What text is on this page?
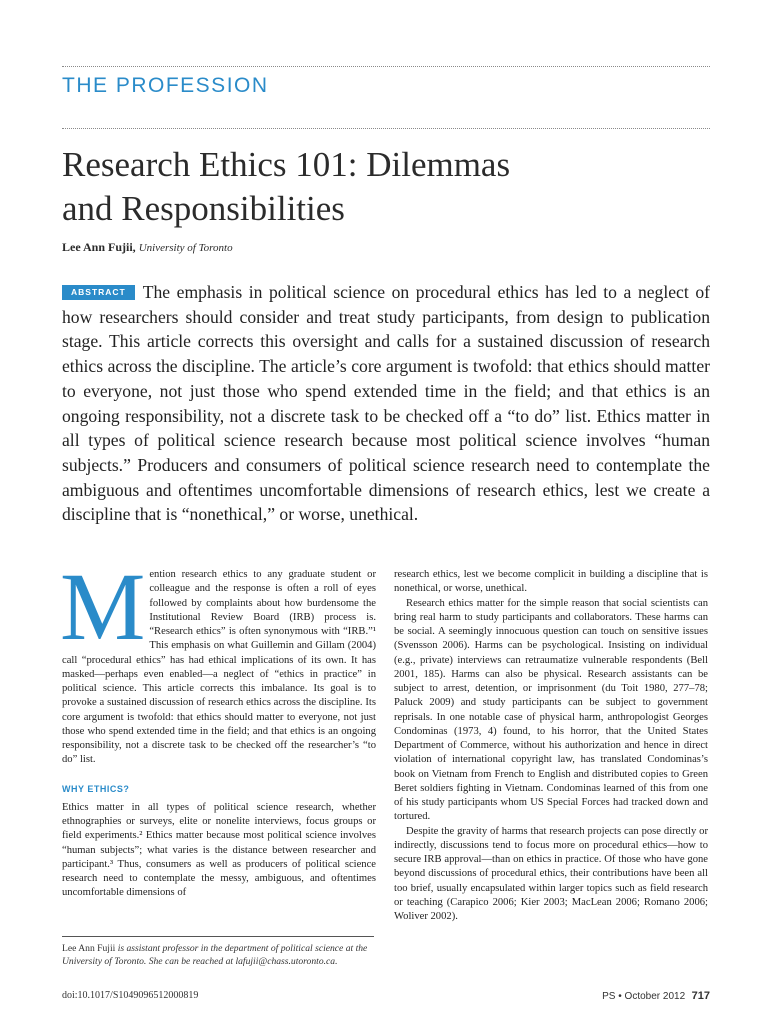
THE PROFESSION
Research Ethics 101: Dilemmas
and Responsibilities
Lee Ann Fujii, University of Toronto

ABSTRACT The emphasis in political science on procedural ethics has led to a neglect of how researchers should consider and treat study participants, from design to publication stage. This article corrects this oversight and calls for a sustained discussion of research ethics across the discipline. The article’s core argument is twofold: that ethics should matter to everyone, not just those who spend extended time in the field; and that ethics is an ongoing responsibility, not a discrete task to be checked off a “to do” list. Ethics matter in all types of political science research because most political science involves “human subjects.” Producers and consumers of political science research need to contemplate the ambiguous and oftentimes uncomfortable dimensions of research ethics, lest we create a discipline that is “nonethical,” or worse, unethical.

Mention research ethics to any graduate student or colleague and the response is often a roll of eyes followed by complaints about how burdensome the Institutional Review Board (IRB) process is. “Research ethics” is often synonymous with “IRB.”¹ This emphasis on what Guillemin and Gillam (2004) call “procedural ethics” has had ethical implications of its own. It has masked—perhaps even enabled—a neglect of “ethics in practice” in political science. This article corrects this imbalance. Its goal is to provoke a sustained discussion of research ethics across the discipline. Its core argument is twofold: that ethics should matter to everyone, not just those who spend extended time in the field; and that ethics is an ongoing responsibility, not a discrete task to be checked off the researcher’s “to do” list.

WHY ETHICS?

Ethics matter in all types of political science research, whether ethnographies or surveys, elite or nonelite interviews, focus groups or field experiments.² Ethics matter because most political science involves “human subjects”; what varies is the distance between researcher and participant.³ Thus, consumers as well as producers of political science research need to contemplate the messy, ambiguous, and oftentimes uncomfortable dimensions of

research ethics, lest we become complicit in building a discipline that is nonethical, or worse, unethical.

Research ethics matter for the simple reason that social scientists can bring real harm to study participants and collaborators. These harms can be social. A seemingly innocuous question can touch on sensitive issues (Svensson 2006). Harms can be psychological. Insisting on individual (e.g., private) interviews can retraumatize vulnerable respondents (Bell 2001, 185). Harms can also be physical. Research assistants can be subject to arrest, detention, or imprisonment (du Toit 1980, 277–78; Paluck 2009) and study participants can be subject to government reprisals. In one notable case of physical harm, anthropologist Georges Condominas (1973, 4) found, to his horror, that the United States Department of Commerce, without his authorization and hence in direct violation of international copyright law, has translated Condominas’s book on Vietnam from French to English and distributed copies to Green Beret soldiers fighting in Vietnam. Condominas learned of this from one of his study participants whom US Special Forces had tracked down and tortured.

Despite the gravity of harms that research projects can pose directly or indirectly, discussions tend to focus more on procedural ethics—how to secure IRB approval—than on ethics in practice. Of those who have gone beyond discussions of procedural ethics, their contributions have been all too brief, usually encapsulated within larger topics such as field research or teaching (Carapico 2006; Kier 2003; MacLean 2006; Romano 2006; Woliver 2002).

Lee Ann Fujii is assistant professor in the department of political science at the University of Toronto. She can be reached at lafujii@chass.utoronto.ca.

doi:10.1017/S1049096512000819	PS • October 2012 717
